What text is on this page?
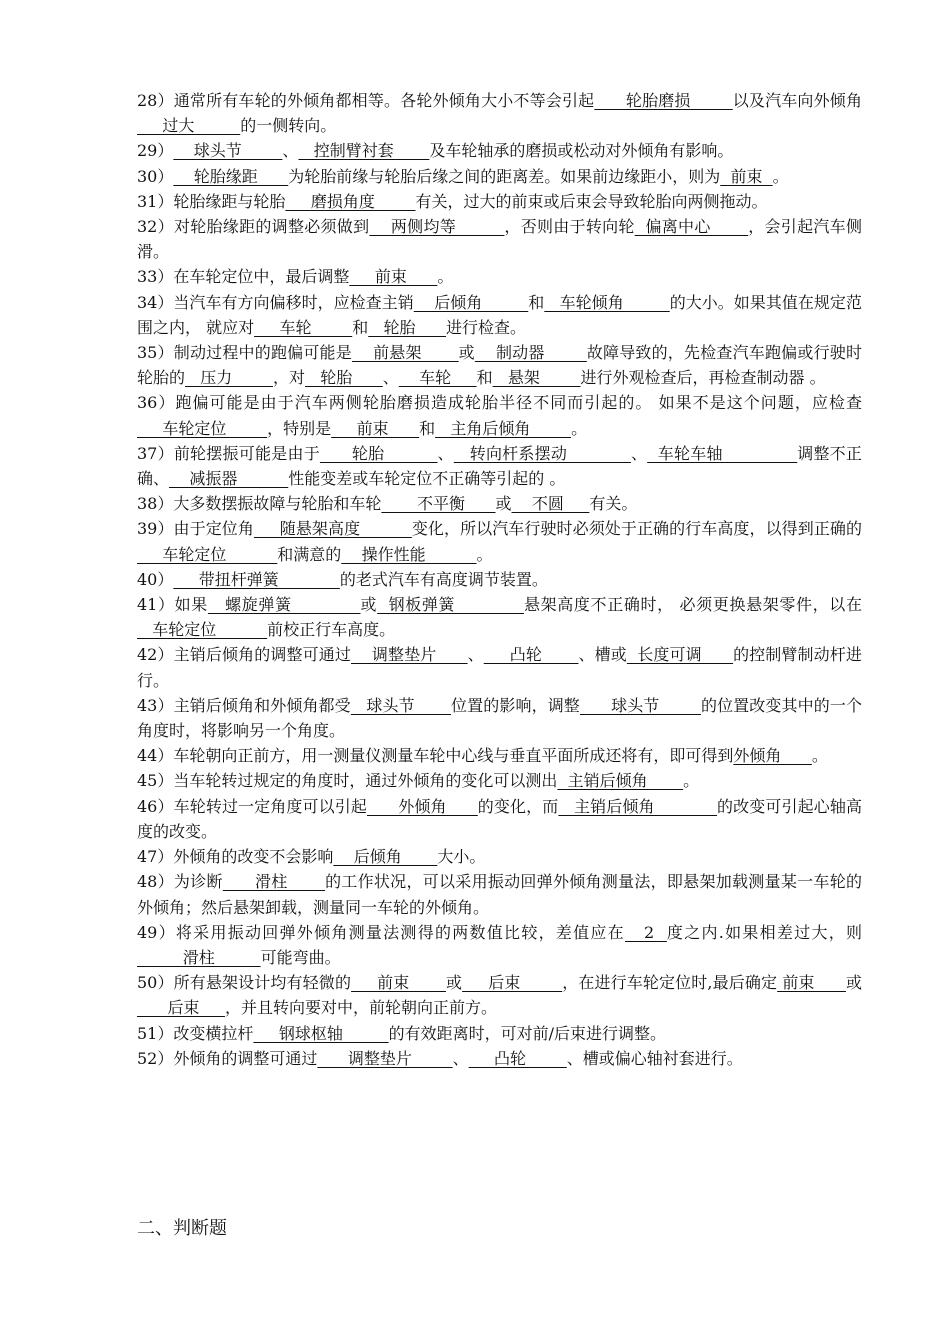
28）通常所有车轮的外倾角都相等。各轮外倾角大小不等会引起      轮胎磨损        以及汽车向外倾角     过大         的一侧转向。

29）    球头节        、   控制臂衬套       及车轮轴承的磨损或松动对外倾角有影响。

30）    轮胎缘距      为轮胎前缘与轮胎后缘之间的距离差。如果前边缘距小，则为  前束  。

31）轮胎缘距与轮胎     磨损角度        有关，过大的前束或后束会导致轮胎向两侧拖动。

32）对轮胎缘距的调整必须做到    两侧均等         ，否则由于转向轮  偏离中心       ，会引起汽车侧滑。

33）在车轮定位中，最后调整     前束      。

34）当汽车有方向偏移时，应检查主销    后倾角         和   车轮倾角         的大小。如果其值在规定范围之内， 就应对     车轮        和   轮胎      进行检查。

35）制动过程中的跑偏可能是    前悬架       或    制动器        故障导致的，先检查汽车跑偏或行驶时轮胎的   压力        ，对   轮胎      、    车轮     和   悬架        进行外观检查后，再检查制动器 。

36）跑偏可能是由于汽车两侧轮胎磨损造成轮胎半径不同而引起的。 如果不是这个问题，应检查     车轮定位        ，特别是     前束      和   主角后倾角        。

37）前轮摆振可能是由于      轮胎          、   转向杆系摆动            、  车轮车轴              调整不正确、    减振器          性能变差或车轮定位不正确等引起的 。

38）大多数摆振故障与轮胎和车轮       不平衡      或    不圆     有关。

39）由于定位角     随悬架高度          变化，所以汽车行驶时必须处于正确的行车高度，以得到正确的     车轮定位          和满意的    操作性能          。

40）     带扭杆弹簧            的老式汽车有高度调节装置。

41）如果   螺旋弹簧            或  钢板弹簧            悬架高度不正确时， 必须更换悬架零件，以在   车轮定位          前校正行车高度。

42）主销后倾角的调整可通过    调整垫片      、     凸轮       、槽或  长度可调      的控制臂制动杆进行。

43）主销后倾角和外倾角都受   球头节       位置的影响，调整      球头节        的位置改变其中的一个角度时，将影响另一个角度。

44）车轮朝向正前方，用一测量仪测量车轮中心线与垂直平面所成还将有，即可得到外倾角      。

45）当车轮转过规定的角度时，通过外倾角的变化可以测出  主销后倾角       。

46）车轮转过一定角度可以引起      外倾角      的变化，而   主销后倾角            的改变可引起心轴高度的改变。

47）外倾角的改变不会影响    后倾角       大小。

48）为诊断      滑柱       的工作状况，可以采用振动回弹外倾角测量法，即悬架加载测量某一车轮的外倾角；然后悬架卸载，测量同一车轮的外倾角。

49）将采用振动回弹外倾角测量法测得的两数值比较，差值应在   2  度之内.如果相差过大，则         滑柱         可能弯曲。

50）所有悬架设计均有轻微的     前束       或     后束        ，在进行车轮定位时,最后确定 前束      或      后束     ，并且转向要对中，前轮朝向正前方。

51）改变横拉杆     钢球枢轴         的有效距离时，可对前/后束进行调整。

52）外倾角的调整可通过      调整垫片        、     凸轮        、槽或偏心轴衬套进行。

二、判断题
